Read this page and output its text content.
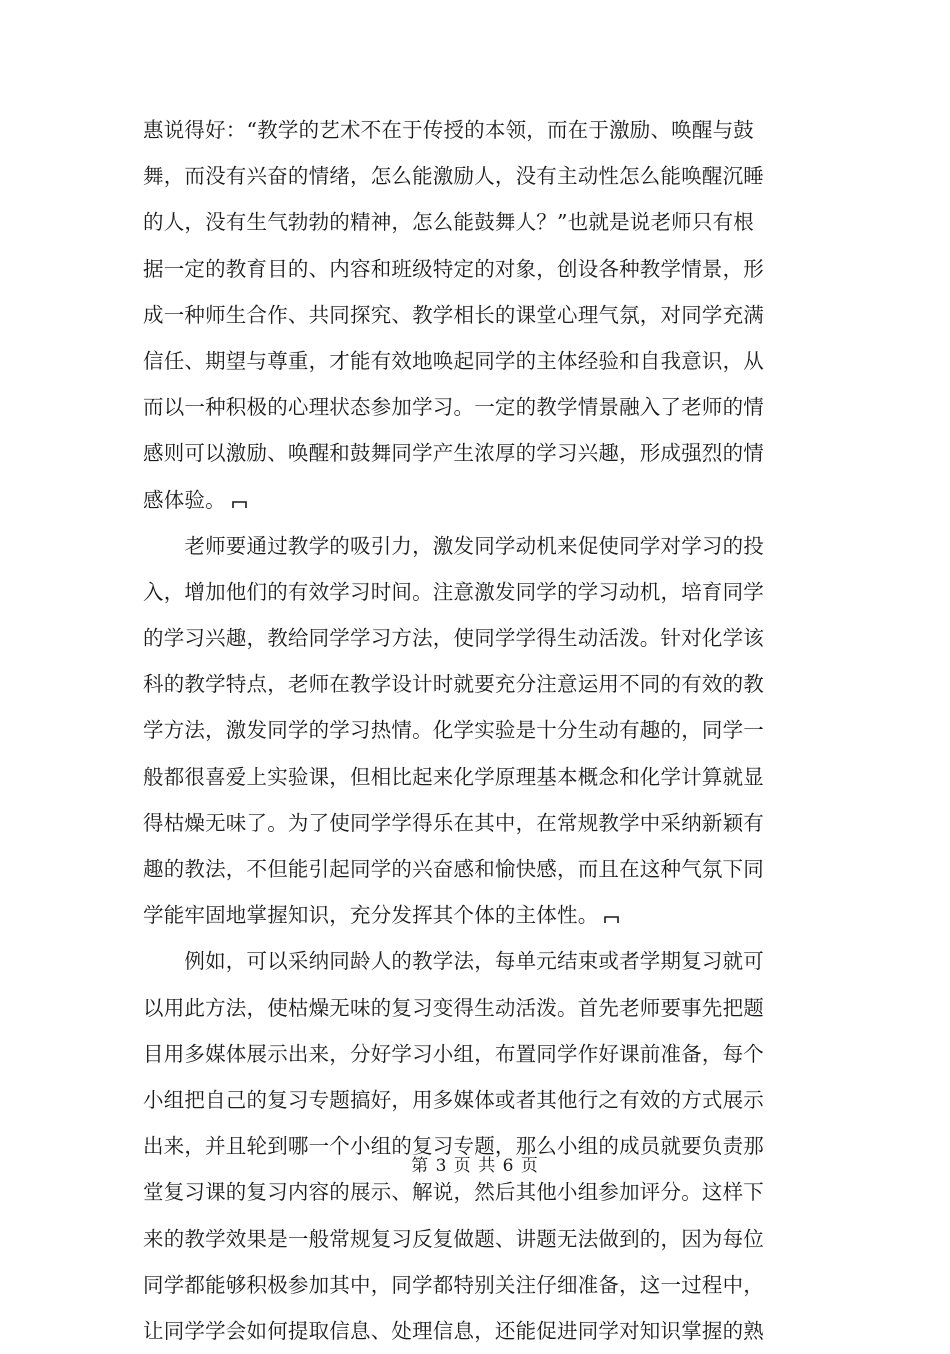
惠说得好：“教学的艺术不在于传授的本领，而在于激励、唤醒与鼓
舞，而没有兴奋的情绪，怎么能激励人，没有主动性怎么能唤醒沉睡
的人，没有生气勃勃的精神，怎么能鼓舞人？”也就是说老师只有根
据一定的教育目的、内容和班级特定的对象，创设各种教学情景，形
成一种师生合作、共同探究、教学相长的课堂心理气氛，对同学充满
信任、期望与尊重，才能有效地唤起同学的主体经验和自我意识，从
而以一种积极的心理状态参加学习。一定的教学情景融入了老师的情
感则可以激励、唤醒和鼓舞同学产生浓厚的学习兴趣，形成强烈的情
感体验。
　　老师要通过教学的吸引力，激发同学动机来促使同学对学习的投
入，增加他们的有效学习时间。注意激发同学的学习动机，培育同学
的学习兴趣，教给同学学习方法，使同学学得生动活泼。针对化学该
科的教学特点，老师在教学设计时就要充分注意运用不同的有效的教
学方法，激发同学的学习热情。化学实验是十分生动有趣的，同学一
般都很喜爱上实验课，但相比起来化学原理基本概念和化学计算就显
得枯燥无味了。为了使同学学得乐在其中，在常规教学中采纳新颖有
趣的教法，不但能引起同学的兴奋感和愉快感，而且在这种气氛下同
学能牢固地掌握知识，充分发挥其个体的主体性。
　　例如，可以采纳同龄人的教学法，每单元结束或者学期复习就可
以用此方法，使枯燥无味的复习变得生动活泼。首先老师要事先把题
目用多媒体展示出来，分好学习小组，布置同学作好课前准备，每个
小组把自己的复习专题搞好，用多媒体或者其他行之有效的方式展示
出来，并且轮到哪一个小组的复习专题，那么小组的成员就要负责那
堂复习课的复习内容的展示、解说，然后其他小组参加评分。这样下
来的教学效果是一般常规复习反复做题、讲题无法做到的，因为每位
同学都能够积极参加其中，同学都特别关注仔细准备，这一过程中，
让同学学会如何提取信息、处理信息，还能促进同学对知识掌握的熟
第 3 页 共 6 页
